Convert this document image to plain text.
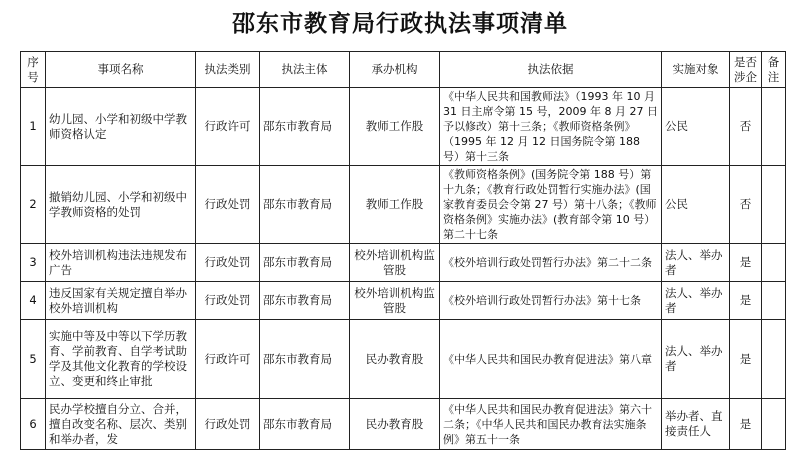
邵东市教育局行政执法事项清单
序号	事项名称	执法类别	执法主体	承办机构	执法依据	实施对象	是否涉企	备注
1	幼儿园、小学和初级中学教师资格认定	行政许可	邵东市教育局	教师工作股	《中华人民共和国教师法》（1993 年 10 月 31 日主席令第 15 号，2009 年 8 月 27 日予以修改）第十三条；《教师资格条例》（1995 年 12 月 12 日国务院令第 188 号）第十三条	公民	否	
2	撤销幼儿园、小学和初级中学教师资格的处罚	行政处罚	邵东市教育局	教师工作股	《教师资格条例》(国务院令第 188 号）第十九条；《教育行政处罚暂行实施办法》(国家教育委员会令第 27 号）第十八条；《教师资格条例》实施办法》(教育部令第 10 号）第二十七条	公民	否	
3	校外培训机构违法违规发布广告	行政处罚	邵东市教育局	校外培训机构监管股	《校外培训行政处罚暂行办法》第二十二条	法人、举办者	是	
4	违反国家有关规定擅自举办校外培训机构	行政处罚	邵东市教育局	校外培训机构监管股	《校外培训行政处罚暂行办法》第十七条	法人、举办者	是	
5	实施中等及中等以下学历教育、学前教育、自学考试助学及其他文化教育的学校设立、变更和终止审批	行政许可	邵东市教育局	民办教育股	《中华人民共和国民办教育促进法》第八章	法人、举办者	是	
6	民办学校擅自分立、合并，擅自改变名称、层次、类别和举办者，发	行政处罚	邵东市教育局	民办教育股	《中华人民共和国民办教育促进法》第六十二条；《中华人民共和国民办教育法实施条例》第五十一条	举办者、直接责任人	是	
